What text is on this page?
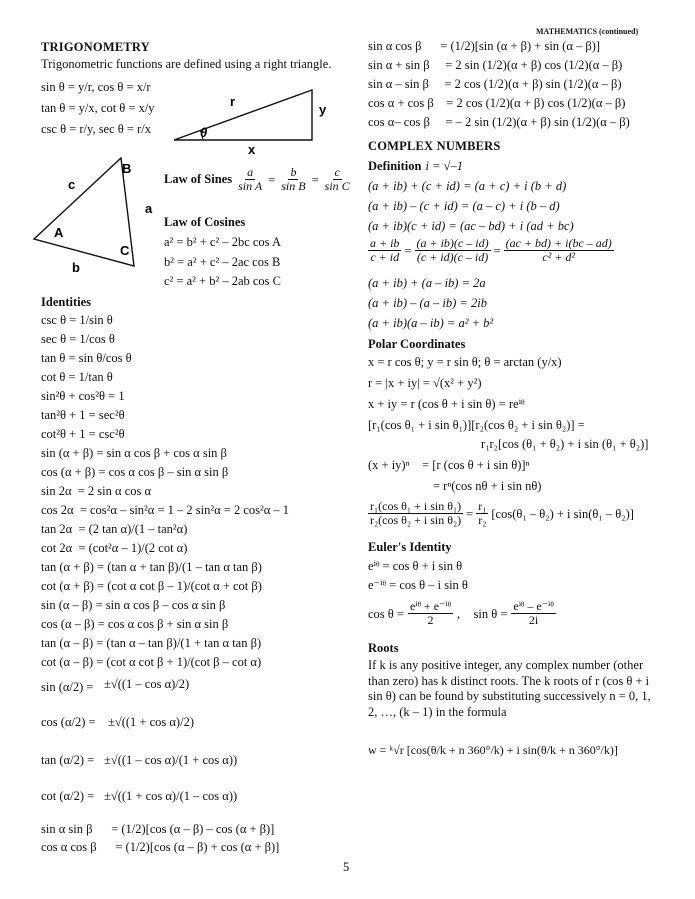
MATHEMATICS (continued)
TRIGONOMETRY
Trigonometric functions are defined using a right triangle.
sin θ = y/r, cos θ = x/r
tan θ = y/x, cot θ = x/y
csc θ = r/y, sec θ = r/x
r
y
x
θ
c
B
a
A
C
b
Law of Sines $\frac{a}{\text{sin A}} = \frac{b}{\text{sin B}} = \frac{c}{\text{sin C}}$
Law of Cosines
a² = b² + c² – 2bc cos A
b² = a² + c² – 2ac cos B
c² = a² + b² – 2ab cos C
Identities
csc θ = 1/sin θ
sec θ = 1/cos θ
tan θ = sin θ/cos θ
cot θ = 1/tan θ
sin²θ + cos²θ = 1
tan²θ + 1 = sec²θ
cot²θ + 1 = csc²θ
sin (α + β) = sin α cos β + cos α sin β
cos (α + β) = cos α cos β – sin α sin β
sin 2α  = 2 sin α cos α
cos 2α  = cos²α – sin²α = 1 – 2 sin²α = 2 cos²α – 1
tan 2α  = (2 tan α)/(1 – tan²α)
cot 2α  = (cot²α – 1)/(2 cot α)
tan (α + β) = (tan α + tan β)/(1 – tan α tan β)
cot (α + β) = (cot α cot β – 1)/(cot α + cot β)
sin (α – β) = sin α cos β – cos α sin β
cos (α – β) = cos α cos β + sin α sin β
tan (α – β) = (tan α – tan β)/(1 + tan α tan β)
cot (α – β) = (cot α cot β + 1)/(cot β – cot α)
sin (α/2) = ±√((1 – cos α)/2)
cos (α/2) = ±√((1 + cos α)/2)
tan (α/2) = ±√((1 – cos α)/(1 + cos α))
cot (α/2) = ±√((1 + cos α)/(1 – cos α))
sin α sin β      = (1/2)[cos (α – β) – cos (α + β)]
cos α cos β      = (1/2)[cos (α – β) + cos (α + β)]
sin α cos β      = (1/2)[sin (α + β) + sin (α – β)]
sin α + sin β     = 2 sin (1/2)(α + β) cos (1/2)(α – β)
sin α – sin β     = 2 cos (1/2)(α + β) sin (1/2)(α – β)
cos α + cos β    = 2 cos (1/2)(α + β) cos (1/2)(α – β)
cos α– cos β     = – 2 sin (1/2)(α + β) sin (1/2)(α – β)
COMPLEX NUMBERS
Definition i = √–1
(a + ib) + (c + id) = (a + c) + i (b + d)
(a + ib) – (c + id) = (a – c) + i (b – d)
(a + ib)(c + id) = (ac – bd) + i (ad + bc)
$\frac{a + ib}{c + id} = \frac{(a + ib)(c - id)}{(c + id)(c - id)} = \frac{(ac + bd) + i(bc - ad)}{\text{c² + d²}}$
(a + ib) + (a – ib) = 2a
(a + ib) – (a – ib) = 2ib
(a + ib)(a – ib) = a² + b²
Polar Coordinates
x = r cos θ; y = r sin θ; θ = arctan (y/x)
r = |x + iy| = √(x² + y²)
x + iy = r (cos θ + i sin θ) = reⁱᶿ
[r₁(cos θ₁ + i sin θ₁)][r₂(cos θ₂ + i sin θ₂)] =
r₁r₂[cos (θ₁ + θ₂) + i sin (θ₁ + θ₂)]
(x + iy)ⁿ    = [r (cos θ + i sin θ)]ⁿ
= rⁿ(cos nθ + i sin nθ)
$\frac{\text{r₁(cos θ₁ + i sin θ₁)}}{\text{r₂(cos θ₂ + i sin θ₂)}} = \frac{\text{r₁}}{\text{r₂}} [\cos(\theta_1 - \theta_2) + i$ sin(θ₁ – θ₂)]
Euler's Identity
eⁱᶿ = cos θ + i sin θ
e⁻ⁱᶿ = cos θ – i sin θ
$\cos \theta = \frac{\text{eⁱᶿ + e⁻ⁱᶿ}}{2}$ , $\sin \theta = \frac{\text{eⁱᶿ – e⁻ⁱᶿ}}{2i}$
Roots
If k is any positive integer, any complex number (other than zero) has k distinct roots. The k roots of r (cos θ + i sin θ) can be found by substituting successively n = 0, 1, 2, …, (k – 1) in the formula
w = ᵏ√r [cos(θ/k + n 360°/k) + i sin(θ/k + n 360°/k)]
5
